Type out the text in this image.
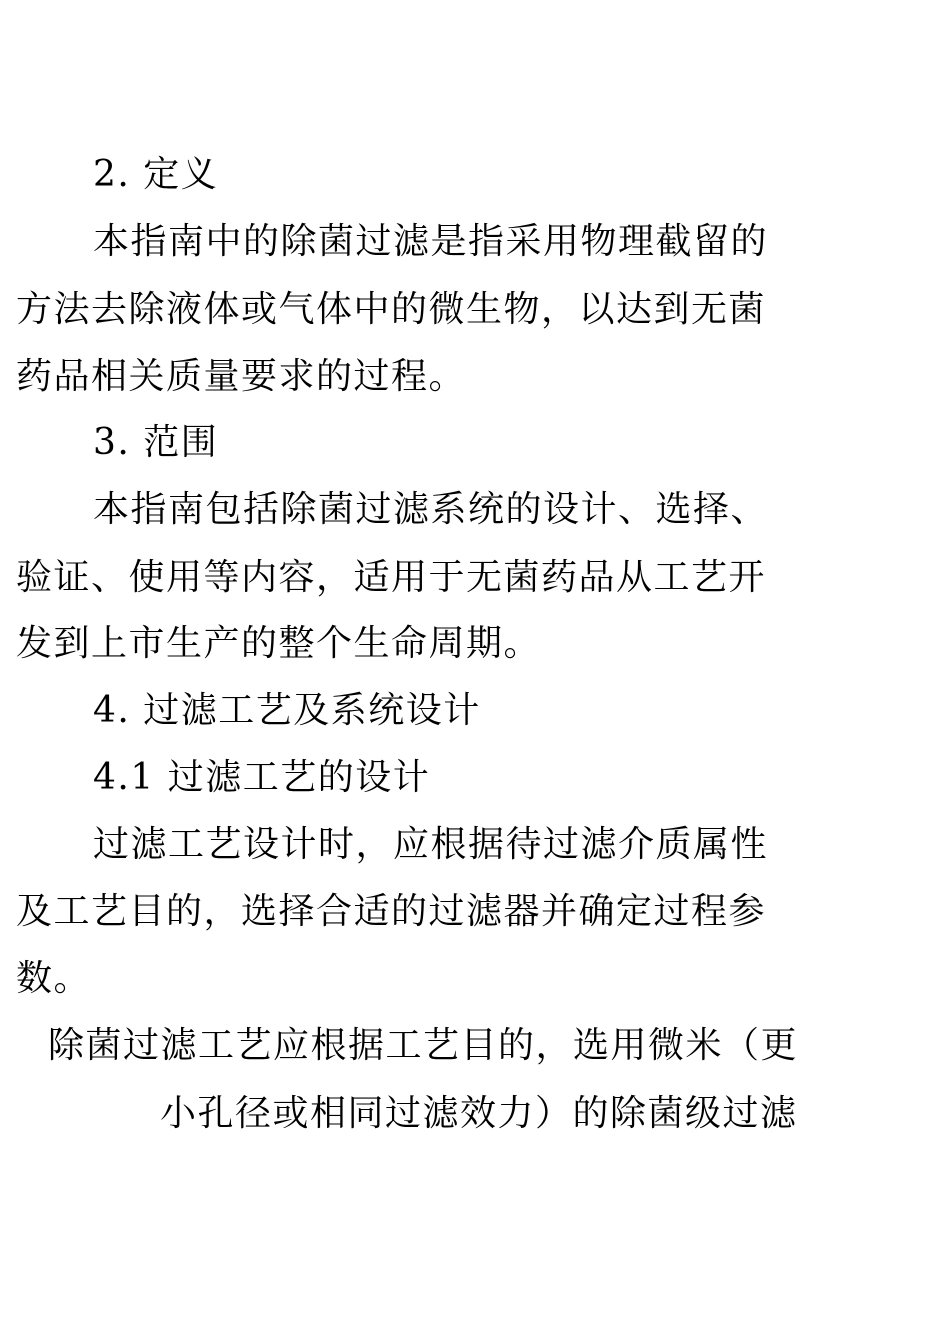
2. 定义
本指南中的除菌过滤是指采用物理截留的
方法去除液体或气体中的微生物，以达到无菌
药品相关质量要求的过程。
3. 范围
本指南包括除菌过滤系统的设计、选择、
验证、使用等内容，适用于无菌药品从工艺开
发到上市生产的整个生命周期。
4. 过滤工艺及系统设计
4.1 过滤工艺的设计
过滤工艺设计时，应根据待过滤介质属性
及工艺目的，选择合适的过滤器并确定过程参
数。
除菌过滤工艺应根据工艺目的，选用微米（更
小孔径或相同过滤效力）的除菌级过滤
